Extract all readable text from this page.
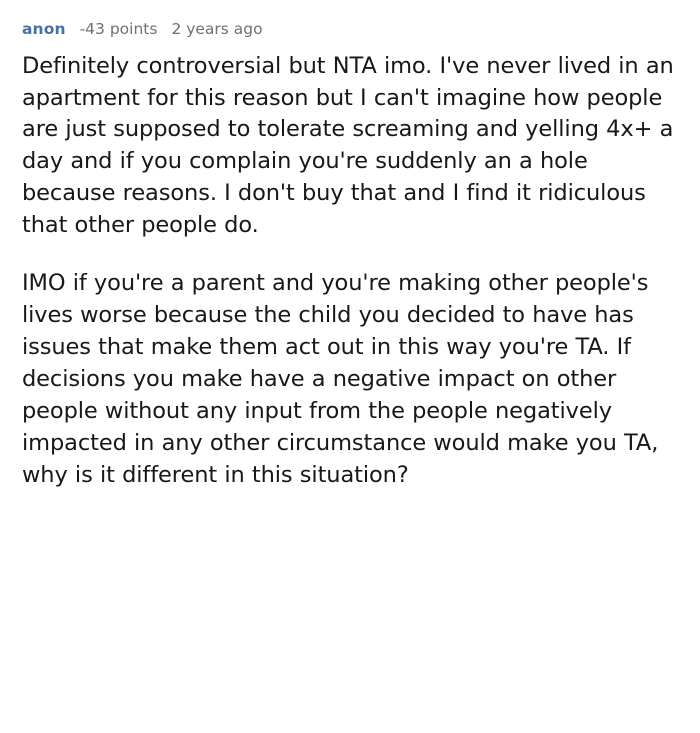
anon -43 points 2 years ago

Definitely controversial but NTA imo. I've never lived in an apartment for this reason but I can't imagine how people are just supposed to tolerate screaming and yelling 4x+ a day and if you complain you're suddenly an a hole because reasons. I don't buy that and I find it ridiculous that other people do.

IMO if you're a parent and you're making other people's lives worse because the child you decided to have has issues that make them act out in this way you're TA. If decisions you make have a negative impact on other people without any input from the people negatively impacted in any other circumstance would make you TA, why is it different in this situation?
